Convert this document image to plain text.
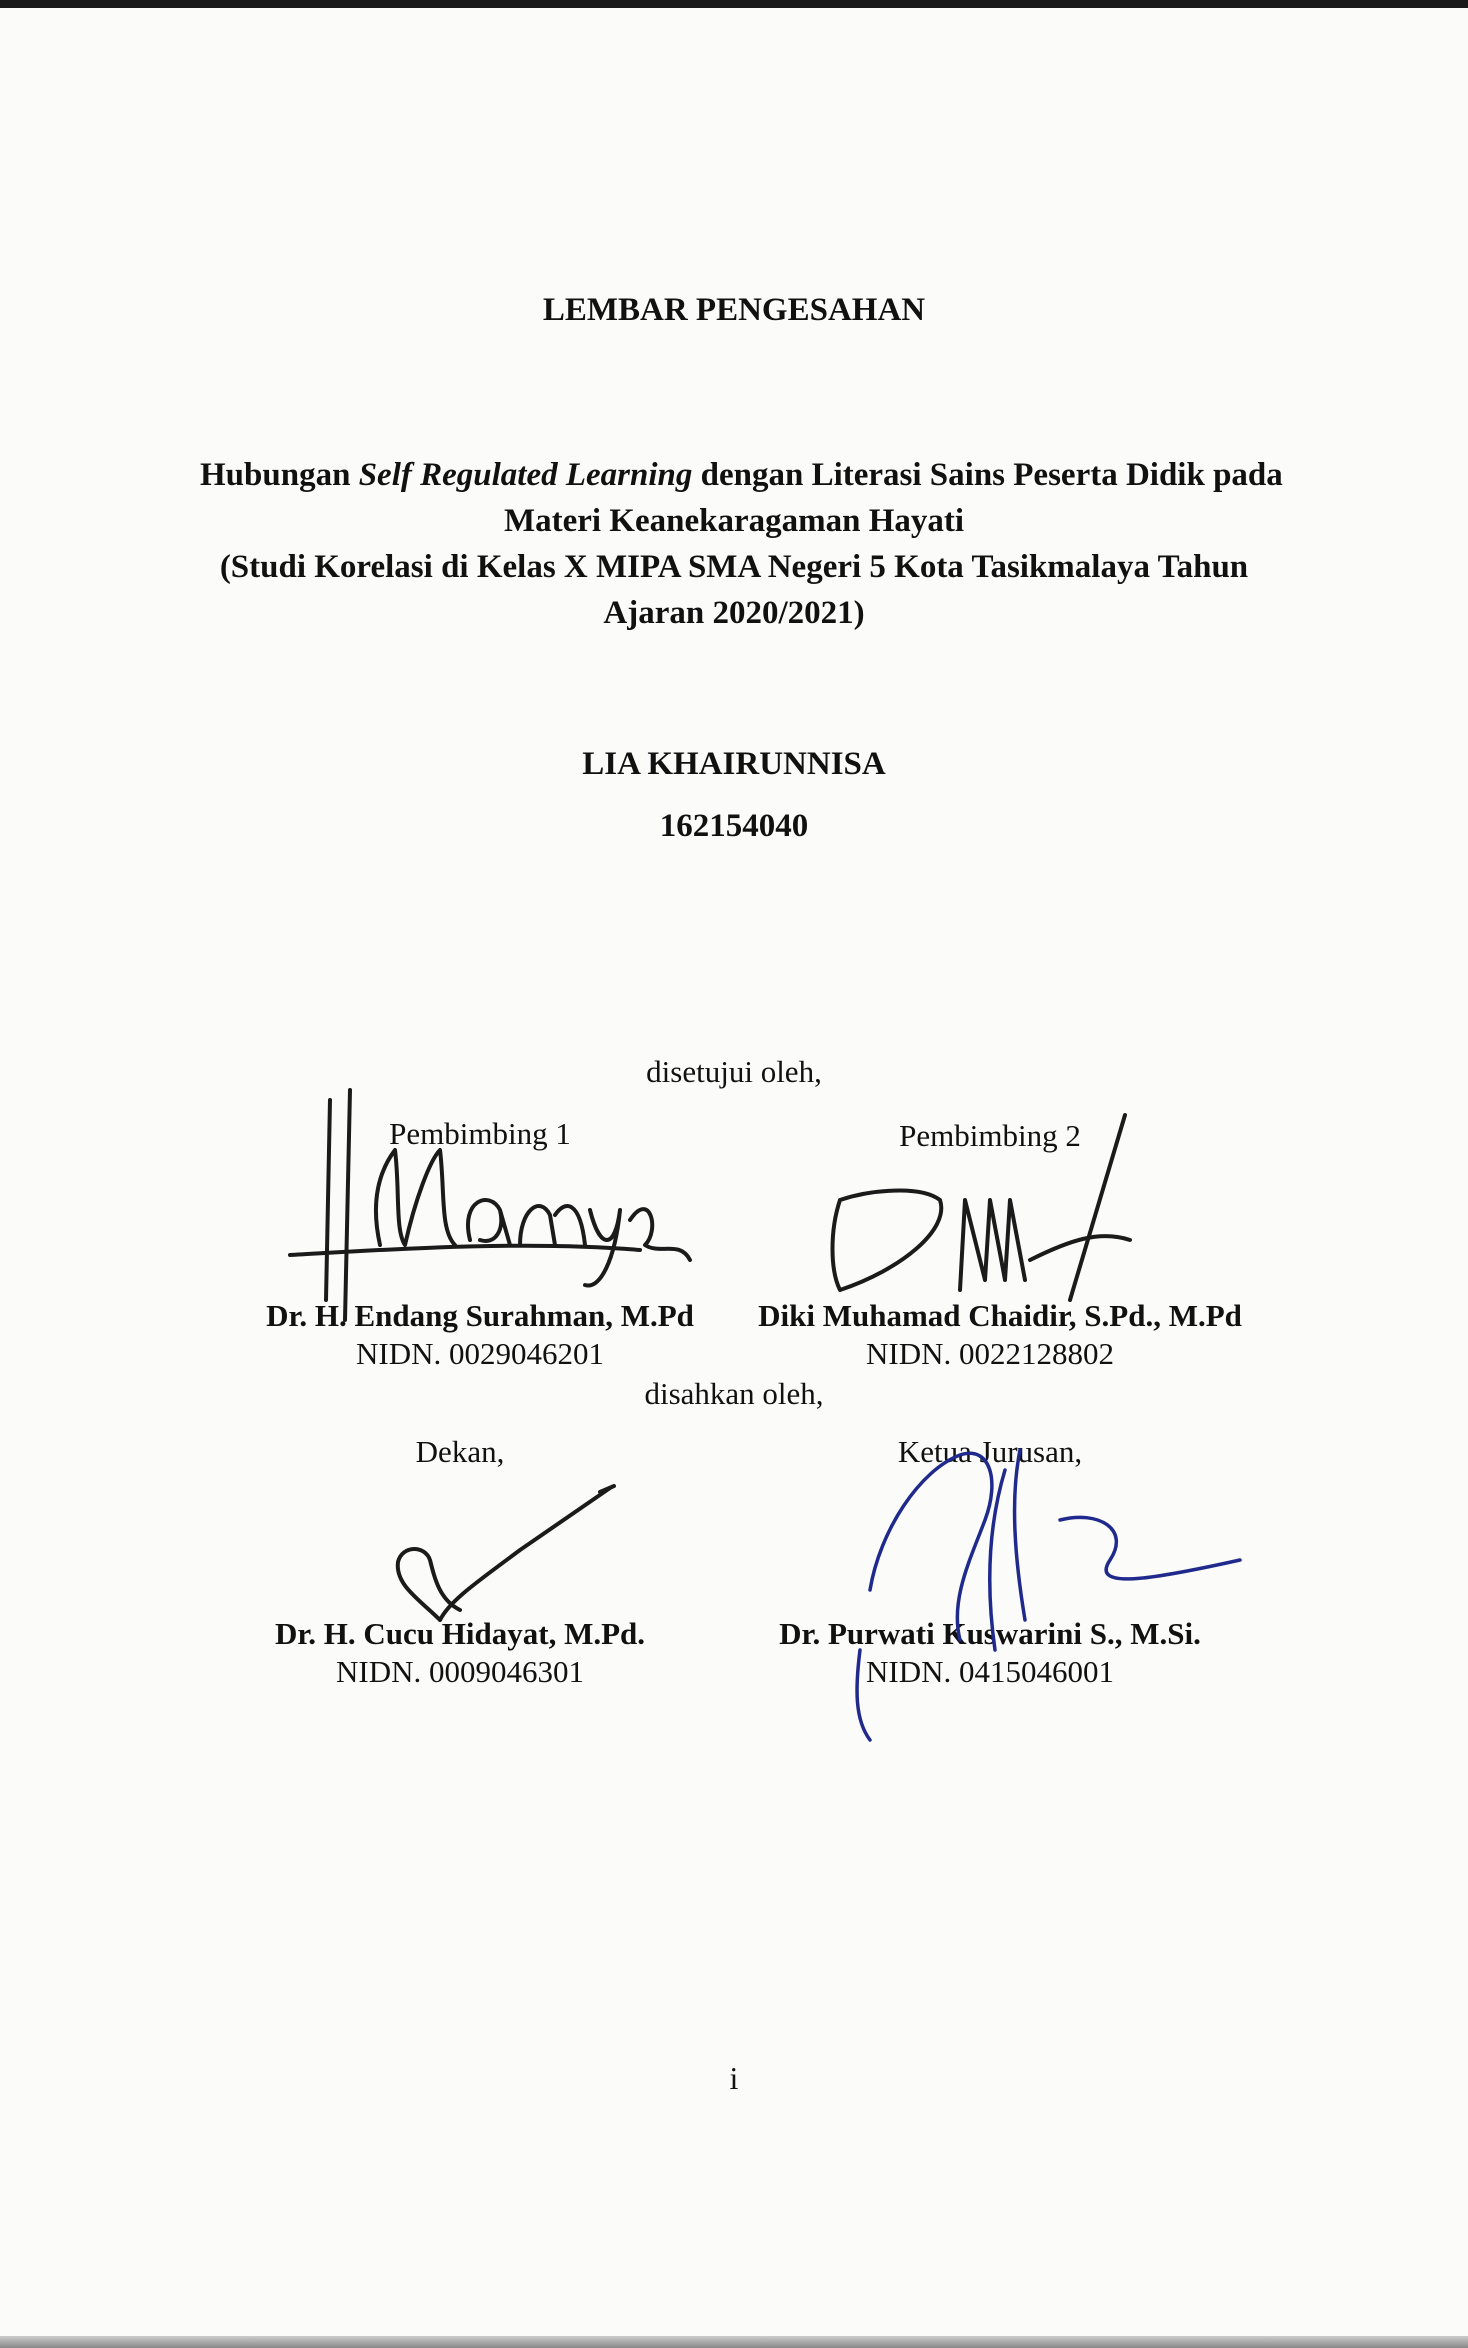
LEMBAR PENGESAHAN
Hubungan Self Regulated Learning dengan Literasi Sains Peserta Didik pada
Materi Keanekaragaman Hayati
(Studi Korelasi di Kelas X MIPA SMA Negeri 5 Kota Tasikmalaya Tahun
Ajaran 2020/2021)
LIA KHAIRUNNISA
162154040
disetujui oleh,
Pembimbing 1
Dr. H. Endang Surahman, M.Pd
NIDN. 0029046201
Pembimbing 2
Diki Muhamad Chaidir, S.Pd., M.Pd
NIDN. 0022128802
disahkan oleh,
Dekan,
Dr. H. Cucu Hidayat, M.Pd.
NIDN. 0009046301
Ketua Jurusan,
Dr. Purwati Kuswarini S., M.Si.
NIDN. 0415046001
i
